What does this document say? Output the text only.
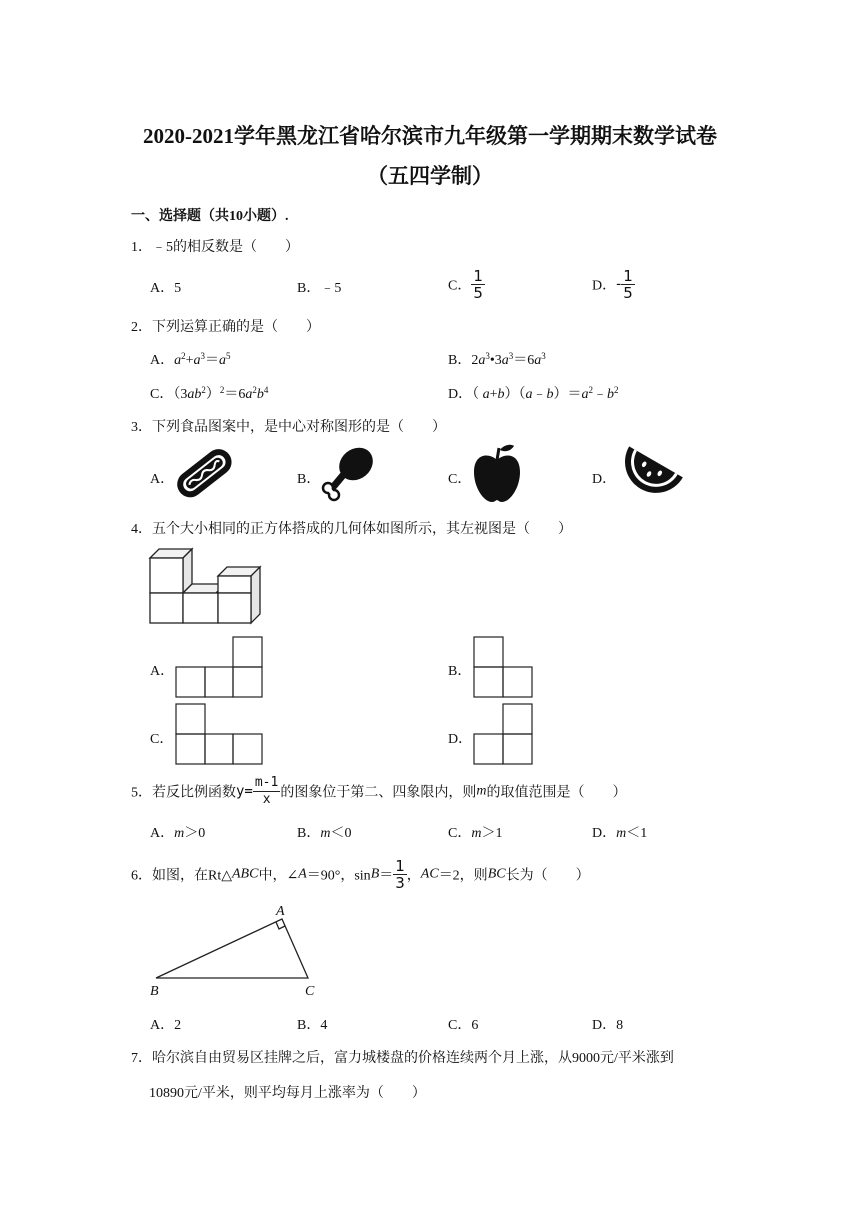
2020-2021学年黑龙江省哈尔滨市九年级第一学期期末数学试卷
（五四学制）
一、选择题（共10小题）.
1．﹣5的相反数是（　　）
A．5	B．﹣5	C． $\frac{1}{5}$	D．- $\frac{1}{5}$
2．下列运算正确的是（　　）
A．$a^2+a^3=a^5$	B．$2a^3•3a^3=6a^3$
C．$(3ab^2)^2=6a^2b^4$	D．（ $a+b)(a﹣b)=a^2﹣b^2$
3．下列食品图案中，是中心对称图形的是（　　）
A．	B．	C．	D．
4．五个大小相同的正方体搭成的几何体如图所示，其左视图是（　　）
A．	B．
C．	D．
5．若反比例函数$y= \frac{m-1}{x}$ 的图象位于第二、四象限内，则m的取值范围是（　　）
A．m＞0	B．m＜0	C．m＞1	D．m＜1
6．如图，在Rt△ABC中，∠A＝90°，$\sin B= \frac{1}{3}$ ，AC＝2，则BC长为（　　）
A
B	C
A．2	B．4	C．6	D．8
7．哈尔滨自由贸易区挂牌之后，富力城楼盘的价格连续两个月上涨，从9000元/平米涨到
10890元/平米，则平均每月上涨率为（　　）
